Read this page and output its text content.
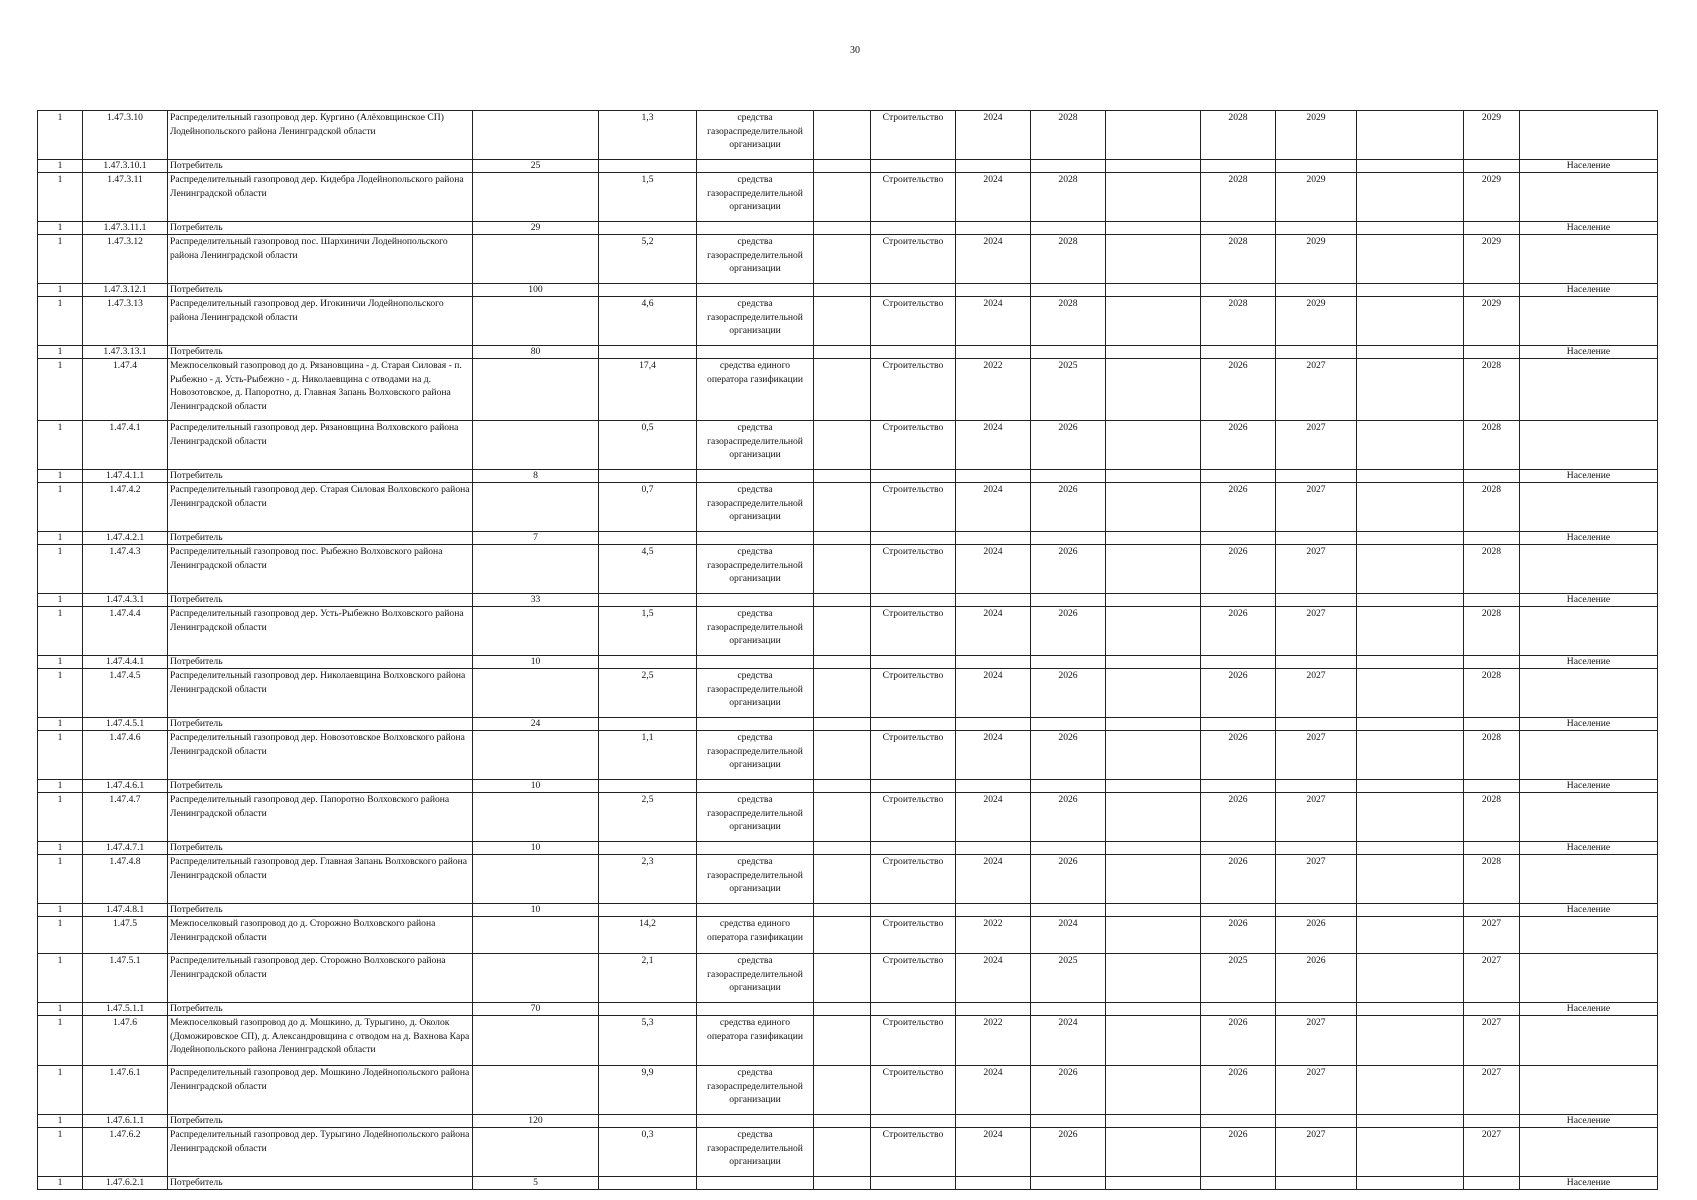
30
1	1.47.3.10	Распределительный газопровод дер. Кургино (Алёховщинское СП) Лодейнопольского района Ленинградской области		1,3	средства газораспределительной организации		Строительство	2024	2028		2028	2029		2029	
1	1.47.3.10.1	Потребитель	25												Население
1	1.47.3.11	Распределительный газопровод дер. Кидебра Лодейнопольского района Ленинградской области		1,5	средства газораспределительной организации		Строительство	2024	2028		2028	2029		2029	
1	1.47.3.11.1	Потребитель	29												Население
1	1.47.3.12	Распределительный газопровод пос. Шархиничи Лодейнопольского района Ленинградской области		5,2	средства газораспределительной организации		Строительство	2024	2028		2028	2029		2029	
1	1.47.3.12.1	Потребитель	100												Население
1	1.47.3.13	Распределительный газопровод дер. Игокиничи Лодейнопольского района Ленинградской области		4,6	средства газораспределительной организации		Строительство	2024	2028		2028	2029		2029	
1	1.47.3.13.1	Потребитель	80												Население
1	1.47.4	Межпоселковый газопровод до д. Рязановщина - д. Старая Силовая - п. Рыбежно - д. Усть-Рыбежно - д. Николаевщина с отводами на д. Новозотовское, д. Папоротно, д. Главная Запань Волховского района Ленинградской области		17,4	средства единого оператора газификации		Строительство	2022	2025		2026	2027		2028	
1	1.47.4.1	Распределительный газопровод дер. Рязановщина Волховского района Ленинградской области		0,5	средства газораспределительной организации		Строительство	2024	2026		2026	2027		2028	
1	1.47.4.1.1	Потребитель	8												Население
1	1.47.4.2	Распределительный газопровод дер. Старая Силовая Волховского района Ленинградской области		0,7	средства газораспределительной организации		Строительство	2024	2026		2026	2027		2028	
1	1.47.4.2.1	Потребитель	7												Население
1	1.47.4.3	Распределительный газопровод пос. Рыбежно Волховского района Ленинградской области		4,5	средства газораспределительной организации		Строительство	2024	2026		2026	2027		2028	
1	1.47.4.3.1	Потребитель	33												Население
1	1.47.4.4	Распределительный газопровод дер. Усть-Рыбежно Волховского района Ленинградской области		1,5	средства газораспределительной организации		Строительство	2024	2026		2026	2027		2028	
1	1.47.4.4.1	Потребитель	10												Население
1	1.47.4.5	Распределительный газопровод дер. Николаевщина Волховского района Ленинградской области		2,5	средства газораспределительной организации		Строительство	2024	2026		2026	2027		2028	
1	1.47.4.5.1	Потребитель	24												Население
1	1.47.4.6	Распределительный газопровод дер. Новозотовское Волховского района Ленинградской области		1,1	средства газораспределительной организации		Строительство	2024	2026		2026	2027		2028	
1	1.47.4.6.1	Потребитель	10												Население
1	1.47.4.7	Распределительный газопровод дер. Папоротно Волховского района Ленинградской области		2,5	средства газораспределительной организации		Строительство	2024	2026		2026	2027		2028	
1	1.47.4.7.1	Потребитель	10												Население
1	1.47.4.8	Распределительный газопровод дер. Главная Запань Волховского района Ленинградской области		2,3	средства газораспределительной организации		Строительство	2024	2026		2026	2027		2028	
1	1.47.4.8.1	Потребитель	10												Население
1	1.47.5	Межпоселковый газопровод до д. Сторожно Волховского района Ленинградской области		14,2	средства единого оператора газификации		Строительство	2022	2024		2026	2026		2027	
1	1.47.5.1	Распределительный газопровод дер. Сторожно Волховского района Ленинградской области		2,1	средства газораспределительной организации		Строительство	2024	2025		2025	2026		2027	
1	1.47.5.1.1	Потребитель	70												Население
1	1.47.6	Межпоселковый газопровод до д. Мошкино, д. Турыгино, д. Околок (Доможировское СП), д. Александровщина с отводом на д. Вахнова Кара Лодейнопольского района Ленинградской области		5,3	средства единого оператора газификации		Строительство	2022	2024		2026	2027		2027	
1	1.47.6.1	Распределительный газопровод дер. Мошкино Лодейнопольского района Ленинградской области		9,9	средства газораспределительной организации		Строительство	2024	2026		2026	2027		2027	
1	1.47.6.1.1	Потребитель	120												Население
1	1.47.6.2	Распределительный газопровод дер. Турыгино Лодейнопольского района Ленинградской области		0,3	средства газораспределительной организации		Строительство	2024	2026		2026	2027		2027	
1	1.47.6.2.1	Потребитель	5												Население
